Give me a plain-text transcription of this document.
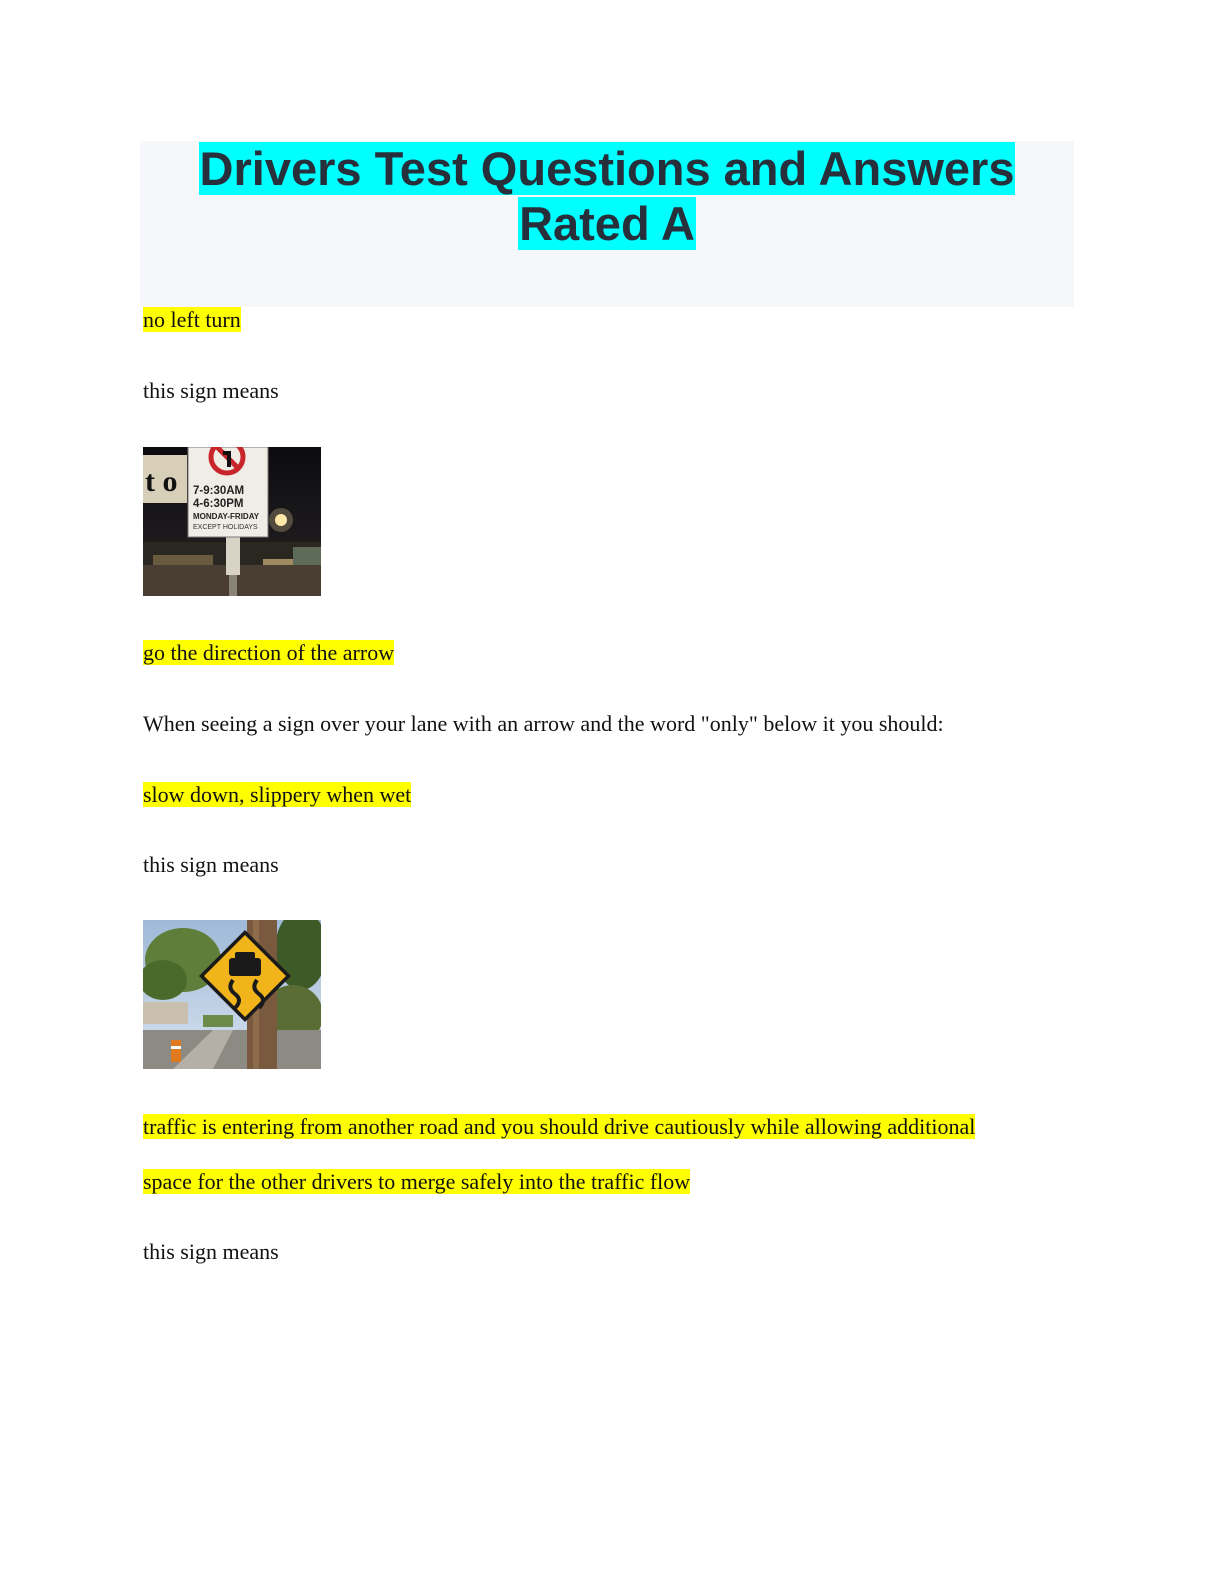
Drivers Test Questions and Answers
Rated A
no left turn
this sign means
t o 7-9:30AM
4-6:30PM
MONDAY-FRIDAY
EXCEPT HOLIDAYS
go the direction of the arrow
When seeing a sign over your lane with an arrow and the word "only" below it you should:
slow down, slippery when wet
this sign means
traffic is entering from another road and you should drive cautiously while allowing additional
space for the other drivers to merge safely into the traffic flow
this sign means
